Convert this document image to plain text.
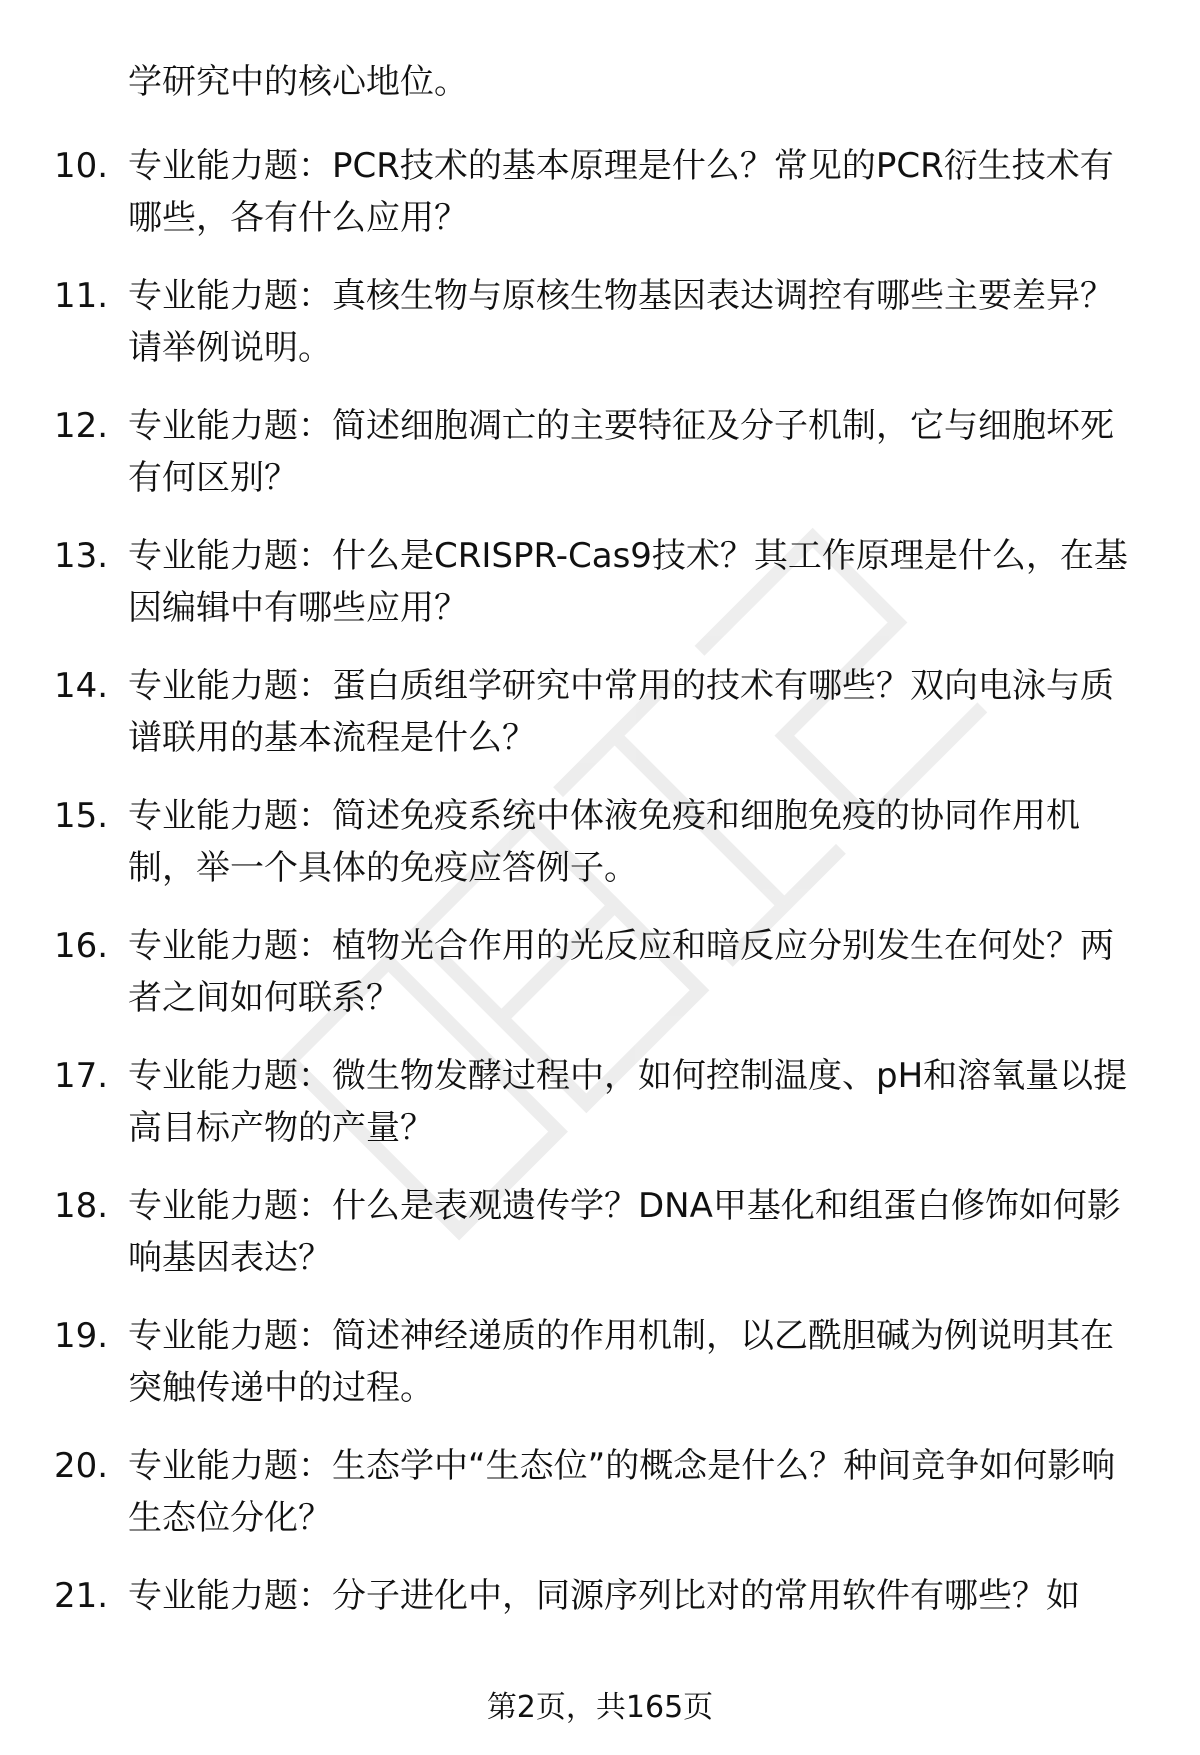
学研究中的核心地位。

10. 专业能力题：PCR技术的基本原理是什么？常见的PCR衍生技术有哪些，各有什么应用？

11. 专业能力题：真核生物与原核生物基因表达调控有哪些主要差异？请举例说明。

12. 专业能力题：简述细胞凋亡的主要特征及分子机制，它与细胞坏死有何区别？

13. 专业能力题：什么是CRISPR-Cas9技术？其工作原理是什么，在基因编辑中有哪些应用？

14. 专业能力题：蛋白质组学研究中常用的技术有哪些？双向电泳与质谱联用的基本流程是什么？

15. 专业能力题：简述免疫系统中体液免疫和细胞免疫的协同作用机制，举一个具体的免疫应答例子。

16. 专业能力题：植物光合作用的光反应和暗反应分别发生在何处？两者之间如何联系？

17. 专业能力题：微生物发酵过程中，如何控制温度、pH和溶氧量以提高目标产物的产量？

18. 专业能力题：什么是表观遗传学？DNA甲基化和组蛋白修饰如何影响基因表达？

19. 专业能力题：简述神经递质的作用机制，以乙酰胆碱为例说明其在突触传递中的过程。

20. 专业能力题：生态学中“生态位”的概念是什么？种间竞争如何影响生态位分化？

21. 专业能力题：分子进化中，同源序列比对的常用软件有哪些？如

第2页，共165页
